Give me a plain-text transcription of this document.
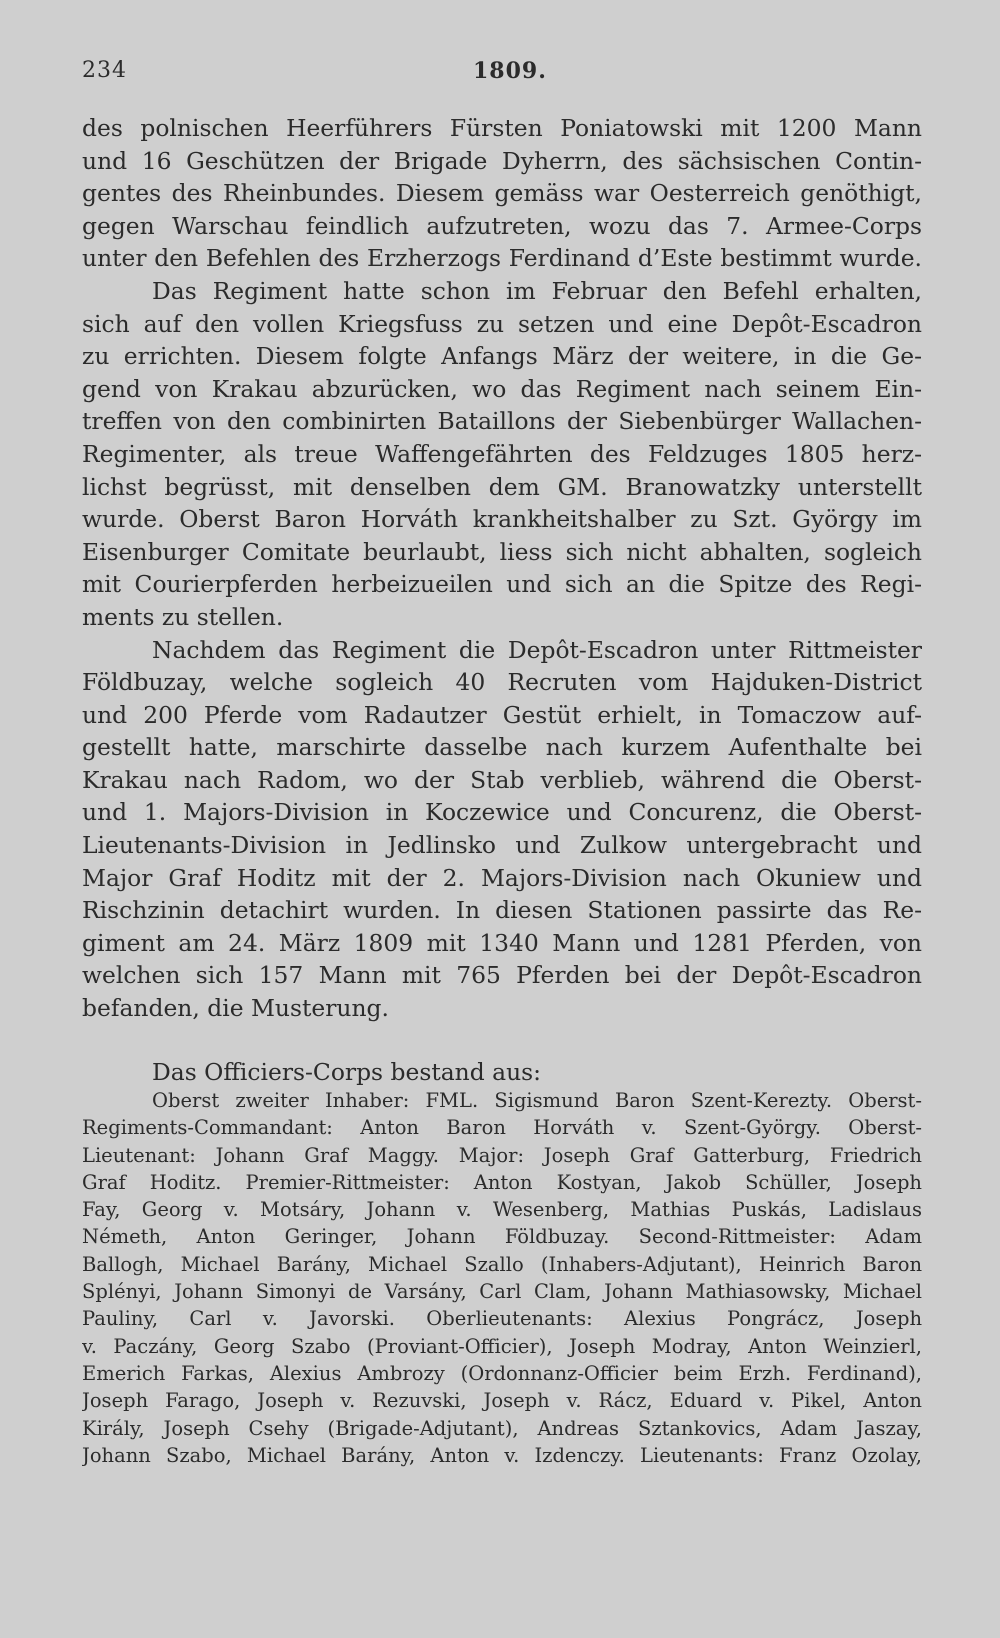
234	1809.
des polnischen Heerführers Fürsten Poniatowski mit 1200 Mann
und 16 Geschützen der Brigade Dyherrn, des sächsischen Contin-
gentes des Rheinbundes. Diesem gemäss war Oesterreich genöthigt,
gegen Warschau feindlich aufzutreten, wozu das 7. Armee-Corps
unter den Befehlen des Erzherzogs Ferdinand d’Este bestimmt wurde.
Das Regiment hatte schon im Februar den Befehl erhalten,
sich auf den vollen Kriegsfuss zu setzen und eine Depôt-Escadron
zu errichten. Diesem folgte Anfangs März der weitere, in die Ge-
gend von Krakau abzurücken, wo das Regiment nach seinem Ein-
treffen von den combinirten Bataillons der Siebenbürger Wallachen-
Regimenter, als treue Waffengefährten des Feldzuges 1805 herz-
lichst begrüsst, mit denselben dem GM. Branowatzky unterstellt
wurde. Oberst Baron Horváth krankheitshalber zu Szt. György im
Eisenburger Comitate beurlaubt, liess sich nicht abhalten, sogleich
mit Courierpferden herbeizueilen und sich an die Spitze des Regi-
ments zu stellen.
Nachdem das Regiment die Depôt-Escadron unter Rittmeister
Földbuzay, welche sogleich 40 Recruten vom Hajduken-District
und 200 Pferde vom Radautzer Gestüt erhielt, in Tomaczow auf-
gestellt hatte, marschirte dasselbe nach kurzem Aufenthalte bei
Krakau nach Radom, wo der Stab verblieb, während die Oberst-
und 1. Majors-Division in Koczewice und Concurenz, die Oberst-
Lieutenants-Division in Jedlinsko und Zulkow untergebracht und
Major Graf Hoditz mit der 2. Majors-Division nach Okuniew und
Rischzinin detachirt wurden. In diesen Stationen passirte das Re-
giment am 24. März 1809 mit 1340 Mann und 1281 Pferden, von
welchen sich 157 Mann mit 765 Pferden bei der Depôt-Escadron
befanden, die Musterung.
Das Officiers-Corps bestand aus:
Oberst zweiter Inhaber: FML. Sigismund Baron Szent-Kerezty. Oberst-
Regiments-Commandant: Anton Baron Horváth v. Szent-György. Oberst-
Lieutenant: Johann Graf Maggy. Major: Joseph Graf Gatterburg, Friedrich
Graf Hoditz. Premier-Rittmeister: Anton Kostyan, Jakob Schüller, Joseph
Fay, Georg v. Motsáry, Johann v. Wesenberg, Mathias Puskás, Ladislaus
Németh, Anton Geringer, Johann Földbuzay. Second-Rittmeister: Adam
Ballogh, Michael Barány, Michael Szallo (Inhabers-Adjutant), Heinrich Baron
Splényi, Johann Simonyi de Varsány, Carl Clam, Johann Mathiasowsky, Michael
Pauliny, Carl v. Javorski. Oberlieutenants: Alexius Pongrácz, Joseph
v. Paczány, Georg Szabo (Proviant-Officier), Joseph Modray, Anton Weinzierl,
Emerich Farkas, Alexius Ambrozy (Ordonnanz-Officier beim Erzh. Ferdinand),
Joseph Farago, Joseph v. Rezuvski, Joseph v. Rácz, Eduard v. Pikel, Anton
Király, Joseph Csehy (Brigade-Adjutant), Andreas Sztankovics, Adam Jaszay,
Johann Szabo, Michael Barány, Anton v. Izdenczy. Lieutenants: Franz Ozolay,
